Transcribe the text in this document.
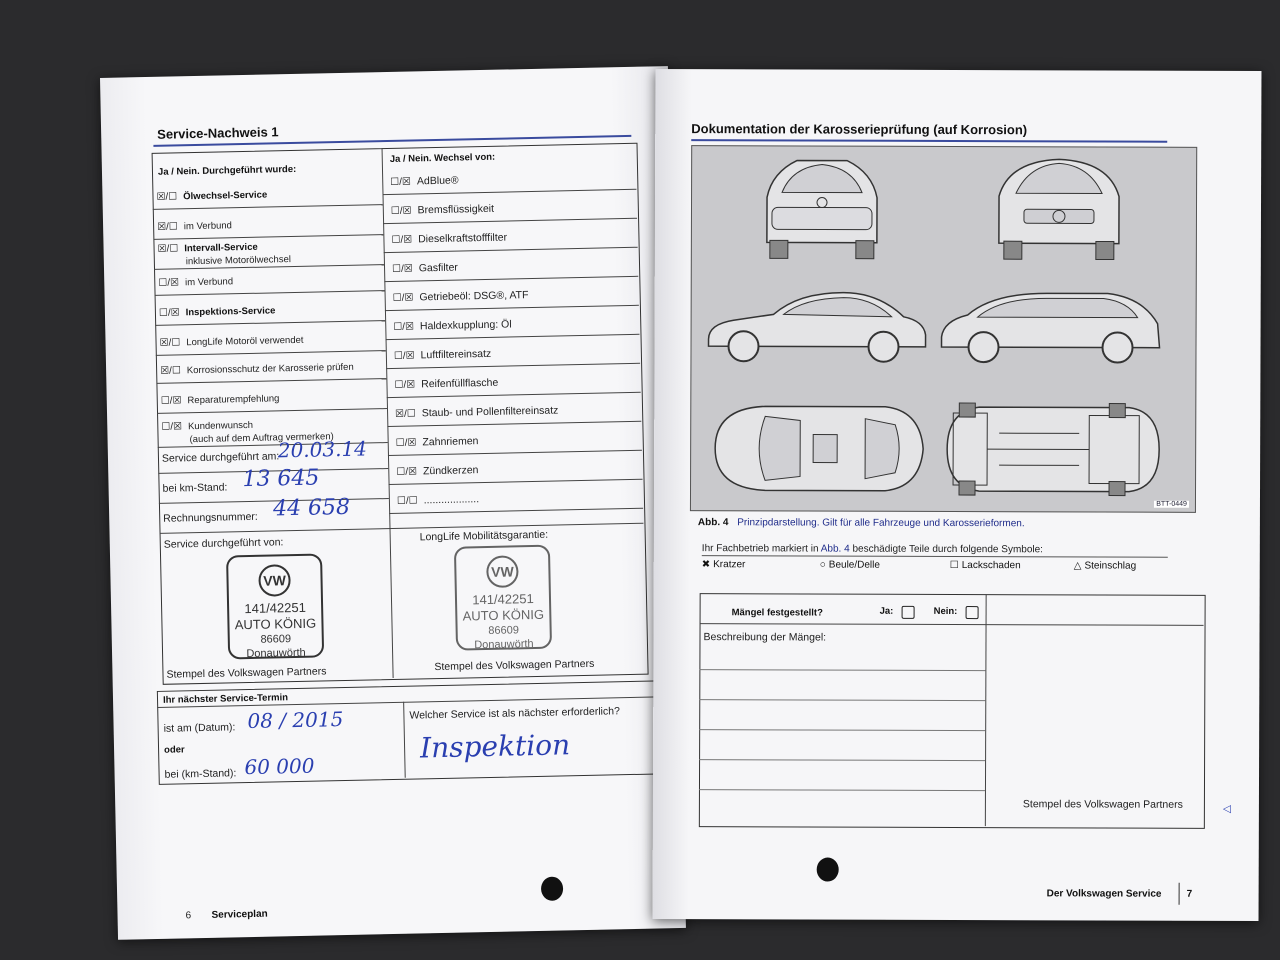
Service-Nachweis 1
Ja / Nein. Durchgeführt wurde:
Ja / Nein. Wechsel von:
☒/☐ Ölwechsel-Service
☒/☐ im Verbund
☒/☐ Intervall-Service
inklusive Motorölwechsel
☐/☒ im Verbund
☐/☒ Inspektions-Service
☒/☐ LongLife Motoröl verwendet
☒/☐ Korrosionsschutz der Karosserie prüfen
☐/☒ Reparaturempfehlung
☐/☒ Kundenwunsch
(auch auf dem Auftrag vermerken)
☐/☒ AdBlue®
☐/☒ Bremsflüssigkeit
☐/☒ Dieselkraftstofffilter
☐/☒ Gasfilter
☐/☒ Getriebeöl: DSG®, ATF
☐/☒ Haldexkupplung: Öl
☐/☒ Luftfiltereinsatz
☐/☒ Reifenfüllflasche
☒/☐ Staub- und Pollenfiltereinsatz
☐/☒ Zahnriemen
☐/☒ Zündkerzen
☐/☐ ...................
Service durchgeführt am:
20.03.14
bei km-Stand: 13 645
Rechnungsnummer: 44 658
Service durchgeführt von:
LongLife Mobilitätsgarantie:
VW
141/42251
AUTO KÖNIG
86609 Donauwörth
VW
141/42251
AUTO KÖNIG
86609 Donauwörth
Stempel des Volkswagen Partners	Stempel des Volkswagen Partners
Ihr nächster Service-Termin
ist am (Datum): 08 / 2015
oder
bei (km-Stand): 60 000
Welcher Service ist als nächster erforderlich?
Inspektion
6 Serviceplan
Dokumentation der Karosserieprüfung (auf Korrosion)
BTT-0449
Abb. 4 Prinzipdarstellung. Gilt für alle Fahrzeuge und Karosserieformen.
Ihr Fachbetrieb markiert in Abb. 4 beschädigte Teile durch folgende Symbole:
✖ Kratzer	○ Beule/Delle	☐ Lackschaden	△ Steinschlag
Mängel festgestellt?	Ja:	Nein:
Beschreibung der Mängel:
Stempel des Volkswagen Partners	◁
Der Volkswagen Service	7
